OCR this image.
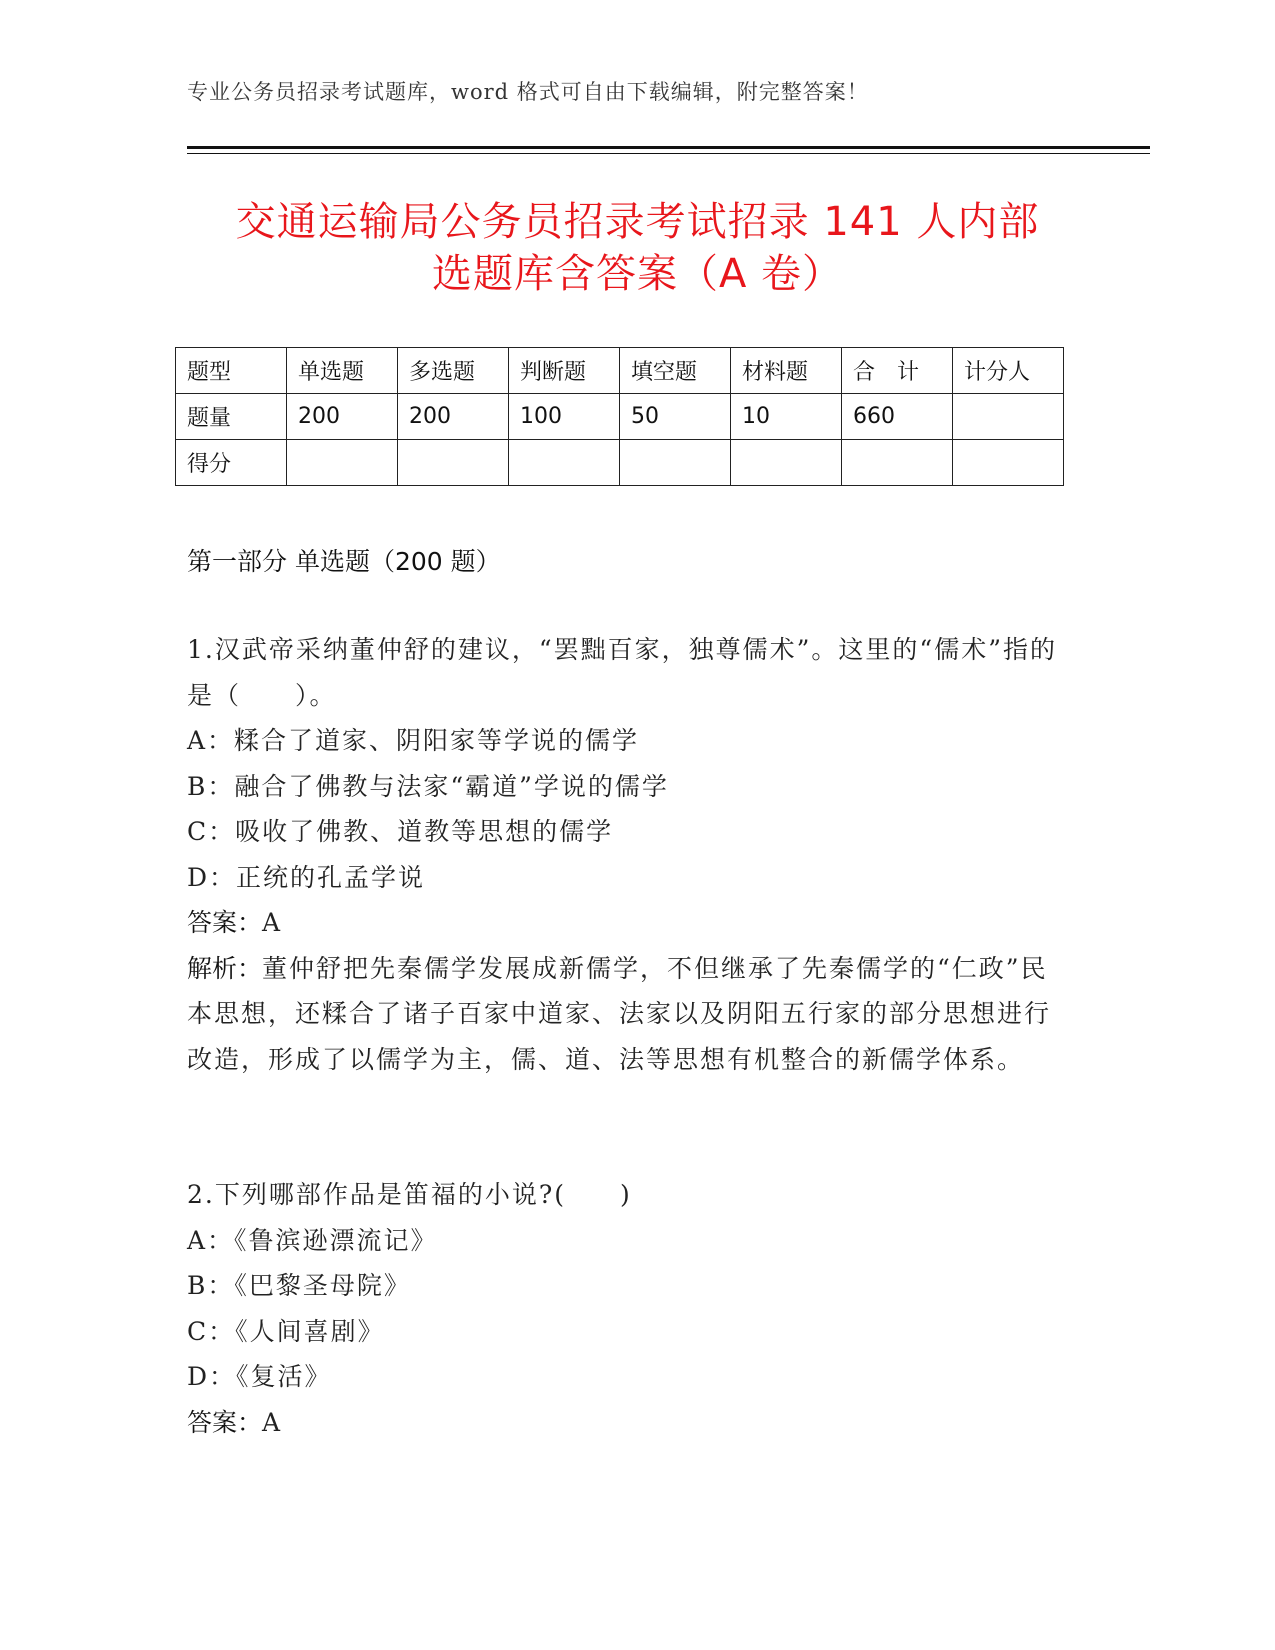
专业公务员招录考试题库，word 格式可自由下载编辑，附完整答案！
交通运输局公务员招录考试招录 141 人内部
选题库含答案（A 卷）
题型	单选题	多选题	判断题	填空题	材料题	合　计	计分人
题量	200	200	100	50	10	660	
得分							
第一部分 单选题（200 题）
1.汉武帝采纳董仲舒的建议，“罢黜百家，独尊儒术”。这里的“儒术”指的是（　　）。
A：糅合了道家、阴阳家等学说的儒学
B：融合了佛教与法家“霸道”学说的儒学
C：吸收了佛教、道教等思想的儒学
D：正统的孔孟学说
答案：A
解析：董仲舒把先秦儒学发展成新儒学，不但继承了先秦儒学的“仁政”民本思想，还糅合了诸子百家中道家、法家以及阴阳五行家的部分思想进行改造，形成了以儒学为主，儒、道、法等思想有机整合的新儒学体系。
2.下列哪部作品是笛福的小说?(　　)
A：《鲁滨逊漂流记》
B：《巴黎圣母院》
C：《人间喜剧》
D：《复活》
答案：A
